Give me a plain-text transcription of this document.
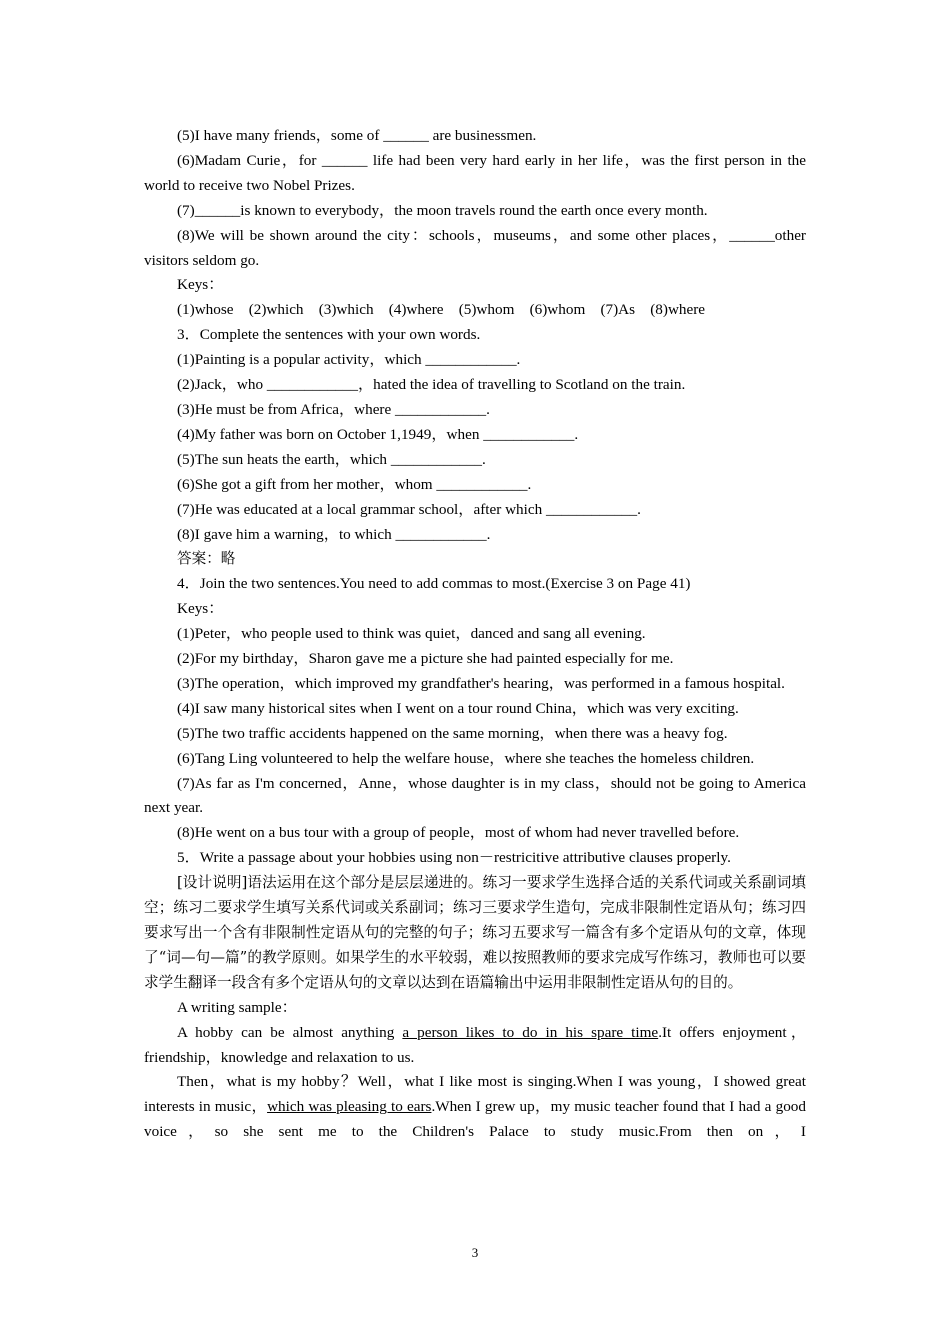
(5)I have many friends，some of ______ are businessmen.

(6)Madam Curie，for ______ life had been very hard early in her life，was the first person in the world to receive two Nobel Prizes.

(7)______is known to everybody，the moon travels round the earth once every month.

(8)We will be shown around the city：schools，museums，and some other places，______other visitors seldom go.

Keys：

(1)whose　(2)which　(3)which　(4)where　(5)whom　(6)whom　(7)As　(8)where

3．Complete the sentences with your own words.

(1)Painting is a popular activity，which ____________.

(2)Jack，who ____________，hated the idea of travelling to Scotland on the train.

(3)He must be from Africa，where ____________.

(4)My father was born on October 1,1949，when ____________.

(5)The sun heats the earth，which ____________.

(6)She got a gift from her mother，whom ____________.

(7)He was educated at a local grammar school，after which ____________.

(8)I gave him a warning，to which ____________.

答案：略

4．Join the two sentences.You need to add commas to most.(Exercise 3 on Page 41)

Keys：

(1)Peter，who people used to think was quiet，danced and sang all evening.

(2)For my birthday，Sharon gave me a picture she had painted especially for me.

(3)The operation，which improved my grandfather's hearing，was performed in a famous hospital.

(4)I saw many historical sites when I went on a tour round China，which was very exciting.

(5)The two traffic accidents happened on the same morning，when there was a heavy fog.

(6)Tang Ling volunteered to help the welfare house，where she teaches the homeless children.

(7)As far as I'm concerned，Anne，whose daughter is in my class，should not be going to America next year.

(8)He went on a bus tour with a group of people，most of whom had never travelled before.

5．Write a passage about your hobbies using non－restricitive attributive clauses properly.

[设计说明]语法运用在这个部分是层层递进的。练习一要求学生选择合适的关系代词或关系副词填空；练习二要求学生填写关系代词或关系副词；练习三要求学生造句，完成非限制性定语从句；练习四要求写出一个含有非限制性定语从句的完整的句子；练习五要求写一篇含有多个定语从句的文章，体现了“词—句—篇”的教学原则。如果学生的水平较弱，难以按照教师的要求完成写作练习，教师也可以要求学生翻译一段含有多个定语从句的文章以达到在语篇输出中运用非限制性定语从句的目的。

A writing sample：

A hobby can be almost anything a person likes to do in his spare time.It offers enjoyment，friendship，knowledge and relaxation to us.

Then，what is my hobby？Well，what I like most is singing.When I was young，I showed great interests in music，which was pleasing to ears.When I grew up，my music teacher found that I had a good voice，so she sent me to the Children's Palace to study music.From then on，I

3
